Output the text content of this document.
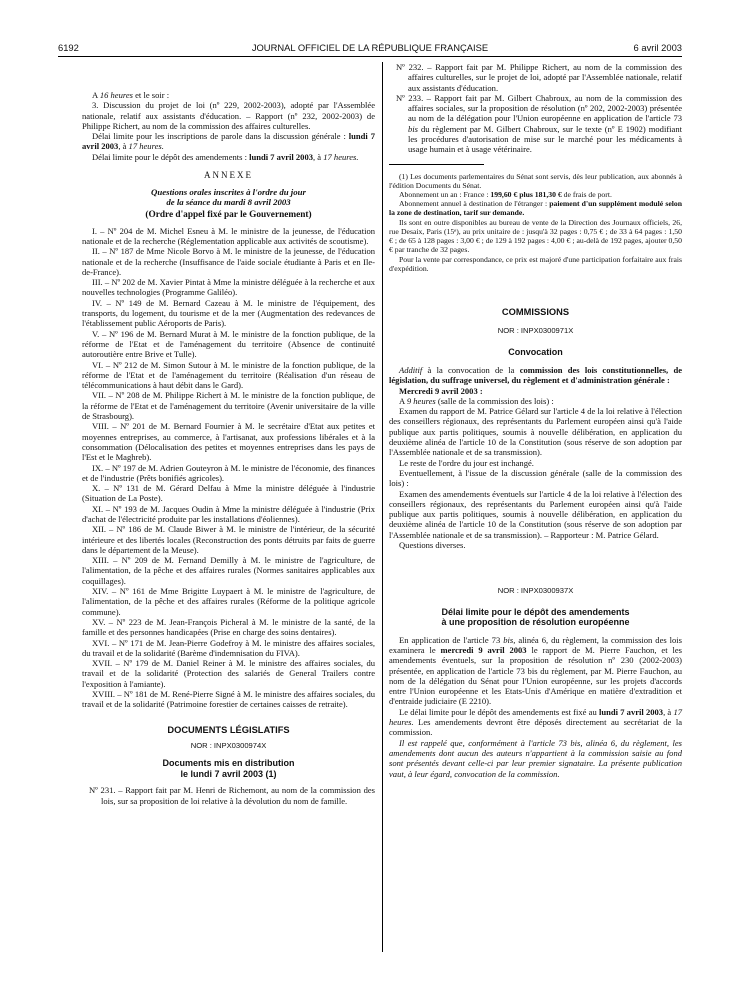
6192	JOURNAL OFFICIEL DE LA RÉPUBLIQUE FRANÇAISE	6 avril 2003

A 16 heures et le soir :

3. Discussion du projet de loi (nº 229, 2002-2003), adopté par l'Assemblée nationale, relatif aux assistants d'éducation. – Rapport (nº 232, 2002-2003) de Philippe Richert, au nom de la commission des affaires culturelles.

Délai limite pour les inscriptions de parole dans la discussion générale : lundi 7 avril 2003, à 17 heures.

Délai limite pour le dépôt des amendements : lundi 7 avril 2003, à 17 heures.

ANNEXE
Questions orales inscrites à l'ordre du jour
de la séance du mardi 8 avril 2003
(Ordre d'appel fixé par le Gouvernement)

I. – Nº 204 de M. Michel Esneu à M. le ministre de la jeunesse, de l'éducation nationale et de la recherche (Réglementation applicable aux activités de scoutisme).

II. – Nº 187 de Mme Nicole Borvo à M. le ministre de la jeunesse, de l'éducation nationale et de la recherche (Insuffisance de l'aide sociale étudiante à Paris et en Ile-de-France).

III. – Nº 202 de M. Xavier Pintat à Mme la ministre déléguée à la recherche et aux nouvelles technologies (Programme Galiléo).

IV. – Nº 149 de M. Bernard Cazeau à M. le ministre de l'équipement, des transports, du logement, du tourisme et de la mer (Augmentation des redevances de l'établissement public Aéroports de Paris).

V. – Nº 196 de M. Bernard Murat à M. le ministre de la fonction publique, de la réforme de l'Etat et de l'aménagement du territoire (Absence de continuité autoroutière entre Brive et Tulle).

VI. – Nº 212 de M. Simon Sutour à M. le ministre de la fonction publique, de la réforme de l'Etat et de l'aménagement du territoire (Réalisation d'un réseau de télécommunications à haut débit dans le Gard).

VII. – Nº 208 de M. Philippe Richert à M. le ministre de la fonction publique, de la réforme de l'Etat et de l'aménagement du territoire (Avenir universitaire de la ville de Strasbourg).

VIII. – Nº 201 de M. Bernard Fournier à M. le secrétaire d'Etat aux petites et moyennes entreprises, au commerce, à l'artisanat, aux professions libérales et à la consommation (Délocalisation des petites et moyennes entreprises dans les pays de l'Est et le Maghreb).

IX. – Nº 197 de M. Adrien Gouteyron à M. le ministre de l'économie, des finances et de l'industrie (Prêts bonifiés agricoles).

X. – Nº 131 de M. Gérard Delfau à Mme la ministre déléguée à l'industrie (Situation de La Poste).

XI. – Nº 193 de M. Jacques Oudin à Mme la ministre déléguée à l'industrie (Prix d'achat de l'électricité produite par les installations d'éoliennes).

XII. – Nº 186 de M. Claude Biwer à M. le ministre de l'intérieur, de la sécurité intérieure et des libertés locales (Reconstruction des ponts détruits par faits de guerre dans le département de la Meuse).

XIII. – Nº 209 de M. Fernand Demilly à M. le ministre de l'agriculture, de l'alimentation, de la pêche et des affaires rurales (Normes sanitaires applicables aux coquillages).

XIV. – Nº 161 de Mme Brigitte Luypaert à M. le ministre de l'agriculture, de l'alimentation, de la pêche et des affaires rurales (Réforme de la politique agricole commune).

XV. – Nº 223 de M. Jean-François Picheral à M. le ministre de la santé, de la famille et des personnes handicapées (Prise en charge des soins dentaires).

XVI. – Nº 171 de M. Jean-Pierre Godefroy à M. le ministre des affaires sociales, du travail et de la solidarité (Barème d'indemnisation du FIVA).

XVII. – Nº 179 de M. Daniel Reiner à M. le ministre des affaires sociales, du travail et de la solidarité (Protection des salariés de General Trailers contre l'exposition à l'amiante).

XVIII. – Nº 181 de M. René-Pierre Signé à M. le ministre des affaires sociales, du travail et de la solidarité (Patrimoine forestier de certaines caisses de retraite).

DOCUMENTS LÉGISLATIFS
NOR : INPX0300974X
Documents mis en distribution
le lundi 7 avril 2003 (1)

Nº 231. – Rapport fait par M. Henri de Richemont, au nom de la commission des lois, sur sa proposition de loi relative à la dévolution du nom de famille.

Nº 232. – Rapport fait par M. Philippe Richert, au nom de la commission des affaires culturelles, sur le projet de loi, adopté par l'Assemblée nationale, relatif aux assistants d'éducation.

Nº 233. – Rapport fait par M. Gilbert Chabroux, au nom de la commission des affaires sociales, sur la proposition de résolution (nº 202, 2002-2003) présentée au nom de la délégation pour l'Union européenne en application de l'article 73 bis du règlement par M. Gilbert Chabroux, sur le texte (nº E 1902) modifiant les procédures d'autorisation de mise sur le marché pour les médicaments à usage humain et à usage vétérinaire.

(1) Les documents parlementaires du Sénat sont servis, dès leur publication, aux abonnés à l'édition Documents du Sénat.

Abonnement un an : France : 199,60 € plus 181,30 € de frais de port.

Abonnement annuel à destination de l'étranger : paiement d'un supplément modulé selon la zone de destination, tarif sur demande.

Ils sont en outre disponibles au bureau de vente de la Direction des Journaux officiels, 26, rue Desaix, Paris (15ᵉ), au prix unitaire de : jusqu'à 32 pages : 0,75 € ; de 33 à 64 pages : 1,50 € ; de 65 à 128 pages : 3,00 € ; de 129 à 192 pages : 4,00 € ; au-delà de 192 pages, ajouter 0,50 € par tranche de 32 pages.

Pour la vente par correspondance, ce prix est majoré d'une participation forfaitaire aux frais d'expédition.

COMMISSIONS
NOR : INPX0300971X
Convocation

Additif à la convocation de la commission des lois constitutionnelles, de législation, du suffrage universel, du règlement et d'administration générale :

Mercredi 9 avril 2003 :

A 9 heures (salle de la commission des lois) :

Examen du rapport de M. Patrice Gélard sur l'article 4 de la loi relative à l'élection des conseillers régionaux, des représentants du Parlement européen ainsi qu'à l'aide publique aux partis politiques, soumis à nouvelle délibération, en application du deuxième alinéa de l'article 10 de la Constitution (sous réserve de son adoption par l'Assemblée nationale et de sa transmission).

Le reste de l'ordre du jour est inchangé.

Eventuellement, à l'issue de la discussion générale (salle de la commission des lois) :

Examen des amendements éventuels sur l'article 4 de la loi relative à l'élection des conseillers régionaux, des représentants du Parlement européen ainsi qu'à l'aide publique aux partis politiques, soumis à nouvelle délibération, en application du deuxième alinéa de l'article 10 de la Constitution (sous réserve de son adoption par l'Assemblée nationale et de sa transmission). – Rapporteur : M. Patrice Gélard.

Questions diverses.

NOR : INPX0300937X
Délai limite pour le dépôt des amendements
à une proposition de résolution européenne

En application de l'article 73 bis, alinéa 6, du règlement, la commission des lois examinera le mercredi 9 avril 2003 le rapport de M. Pierre Fauchon, et les amendements éventuels, sur la proposition de résolution nº 230 (2002-2003) présentée, en application de l'article 73 bis du règlement, par M. Pierre Fauchon, au nom de la délégation du Sénat pour l'Union européenne, sur les projets d'accords entre l'Union européenne et les Etats-Unis d'Amérique en matière d'extradition et d'entraide judiciaire (E 2210).

Le délai limite pour le dépôt des amendements est fixé au lundi 7 avril 2003, à 17 heures. Les amendements devront être déposés directement au secrétariat de la commission.

Il est rappelé que, conformément à l'article 73 bis, alinéa 6, du règlement, les amendements dont aucun des auteurs n'appartient à la commission saisie au fond sont présentés devant celle-ci par leur premier signataire. La présente publication vaut, à leur égard, convocation de la commission.
